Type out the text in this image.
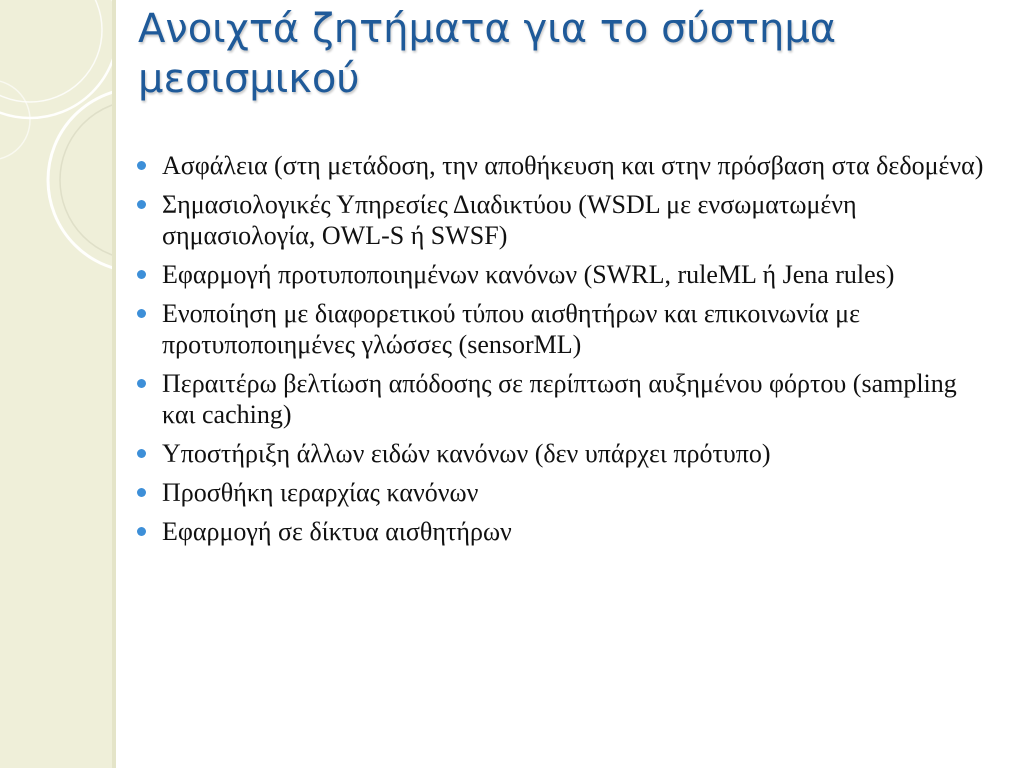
Ανοιχτά ζητήματα για το σύστημα μεσισμικού
Ασφάλεια (στη μετάδοση, την αποθήκευση και στην πρόσβαση στα δεδομένα)
Σημασιολογικές Υπηρεσίες Διαδικτύου (WSDL με ενσωματωμένη σημασιολογία, OWL-S ή SWSF)
Εφαρμογή προτυποποιημένων κανόνων (SWRL, ruleML ή Jena rules)
Ενοποίηση με διαφορετικού τύπου αισθητήρων και επικοινωνία με προτυποποιημένες γλώσσες (sensorML)
Περαιτέρω βελτίωση απόδοσης σε περίπτωση αυξημένου φόρτου (sampling και caching)
Υποστήριξη άλλων ειδών κανόνων (δεν υπάρχει πρότυπο)
Προσθήκη ιεραρχίας κανόνων
Εφαρμογή σε δίκτυα αισθητήρων
